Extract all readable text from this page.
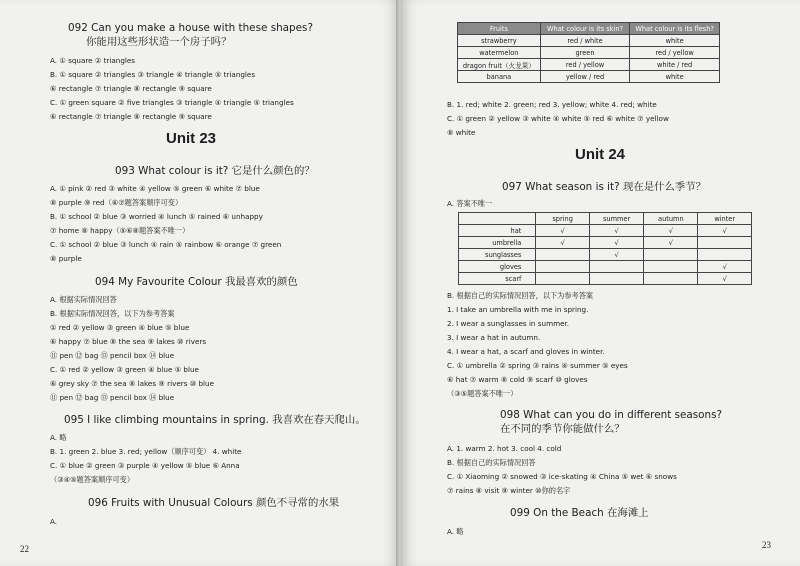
22
092 Can you make a house with these shapes?
你能用这些形状造一个房子吗？
A. ① square ② triangles
B. ① square ② triangles ③ triangle ④ triangle ⑤ triangles
⑥ rectangle ⑦ triangle ⑧ rectangle ⑨ square
C. ① green square ② five triangles ③ triangle ④ triangle ⑤ triangles
⑥ rectangle ⑦ triangle ⑧ rectangle ⑨ square
Unit 23
093 What colour is it? 它是什么颜色的？
A. ① pink ② red ③ white ④ yellow ⑤ green ⑥ white ⑦ blue
⑧ purple ⑨ red（⑥⑦题答案顺序可变）
B. ① school ② blue ③ worried ④ lunch ⑤ rained ⑥ unhappy
⑦ home ⑧ happy（⑤⑥⑧题答案不唯一）
C. ① school ② blue ③ lunch ④ rain ⑤ rainbow ⑥ orange ⑦ green
⑧ purple
094 My Favourite Colour 我最喜欢的颜色
A. 根据实际情况回答
B. 根据实际情况回答，以下为参考答案
① red ② yellow ③ green ④ blue ⑤ blue
⑥ happy ⑦ blue ⑧ the sea ⑨ lakes ⑩ rivers
⑪ pen ⑫ bag ⑬ pencil box ⑭ blue
C. ① red ② yellow ③ green ④ blue ⑤ blue
⑥ grey sky ⑦ the sea ⑧ lakes ⑨ rivers ⑩ blue
⑪ pen ⑫ bag ⑬ pencil box ⑭ blue
095 I like climbing mountains in spring. 我喜欢在春天爬山。
A. 略
B. 1. green 2. blue 3. red; yellow（顺序可变） 4. white
C. ① blue ② green ③ purple ④ yellow ⑤ blue ⑥ Anna
（③④⑤题答案顺序可变）
096 Fruits with Unusual Colours 颜色不寻常的水果
A.
Fruits	What colour is its skin?	What colour is its flesh?
strawberry	red / white	white
watermelon	green	red / yellow
dragon fruit（火龙果）	red / yellow	white / red
banana	yellow / red	white
	spring	summer	autumn	winter
hat	√	√	√	√
umbrella	√	√	√	
sunglasses		√		
gloves				√
scarf				√
23
B. 1. red; white 2. green; red 3. yellow; white 4. red; white
C. ① green ② yellow ③ white ④ white ⑤ red ⑥ white ⑦ yellow
⑧ white
Unit 24
097 What season is it? 现在是什么季节？
A. 答案不唯一
B. 根据自己的实际情况回答，以下为参考答案
1. I take an umbrella with me in spring.
2. I wear a sunglasses in summer.
3. I wear a hat in autumn.
4. I wear a hat, a scarf and gloves in winter.
C. ① umbrella ② spring ③ rains ④ summer ⑤ eyes
⑥ hat ⑦ warm ⑧ cold ⑨ scarf ⑩ gloves
（③⑤题答案不唯一）
098 What can you do in different seasons?
在不同的季节你能做什么？
A. 1. warm 2. hot 3. cool 4. cold
B. 根据自己的实际情况回答
C. ① Xiaoming ② snowed ③ ice-skating ④ China ⑤ wet ⑥ snows
⑦ rains ⑧ visit ⑨ winter ⑩你的名字
099 On the Beach 在海滩上
A. 略
